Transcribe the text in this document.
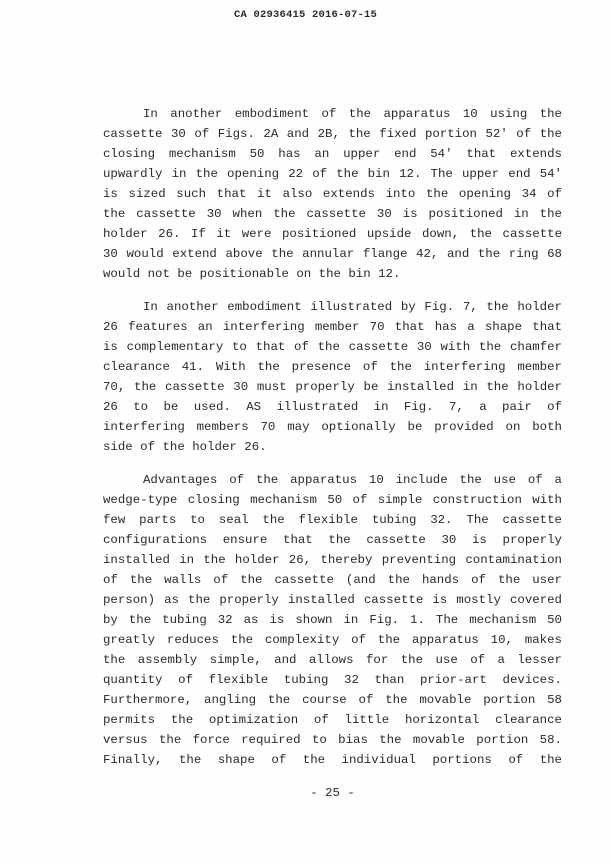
CA 02936415 2016-07-15
In another embodiment of the apparatus 10 using the
cassette 30 of Figs. 2A and 2B, the fixed portion 52' of the
closing mechanism 50 has an upper end 54' that extends
upwardly in the opening 22 of the bin 12. The upper end 54'
is sized such that it also extends into the opening 34 of
the cassette 30 when the cassette 30 is positioned in the
holder 26. If it were positioned upside down, the cassette
30 would extend above the annular flange 42, and the ring 68
would not be positionable on the bin 12.
In another embodiment illustrated by Fig. 7, the holder
26 features an interfering member 70 that has a shape that
is complementary to that of the cassette 30 with the chamfer
clearance 41. With the presence of the interfering member
70, the cassette 30 must properly be installed in the holder
26 to be used. AS illustrated in Fig. 7, a pair of
interfering members 70 may optionally be provided on both
side of the holder 26.
Advantages of the apparatus 10 include the use of a
wedge-type closing mechanism 50 of simple construction with
few parts to seal the flexible tubing 32. The cassette
configurations ensure that the cassette 30 is properly
installed in the holder 26, thereby preventing contamination
of the walls of the cassette (and the hands of the user
person) as the properly installed cassette is mostly covered
by the tubing 32 as is shown in Fig. 1. The mechanism 50
greatly reduces the complexity of the apparatus 10, makes
the assembly simple, and allows for the use of a lesser
quantity of flexible tubing 32 than prior-art devices.
Furthermore, angling the course of the movable portion 58
permits the optimization of little horizontal clearance
versus the force required to bias the movable portion 58.
Finally, the shape of the individual portions of the
- 25 -
